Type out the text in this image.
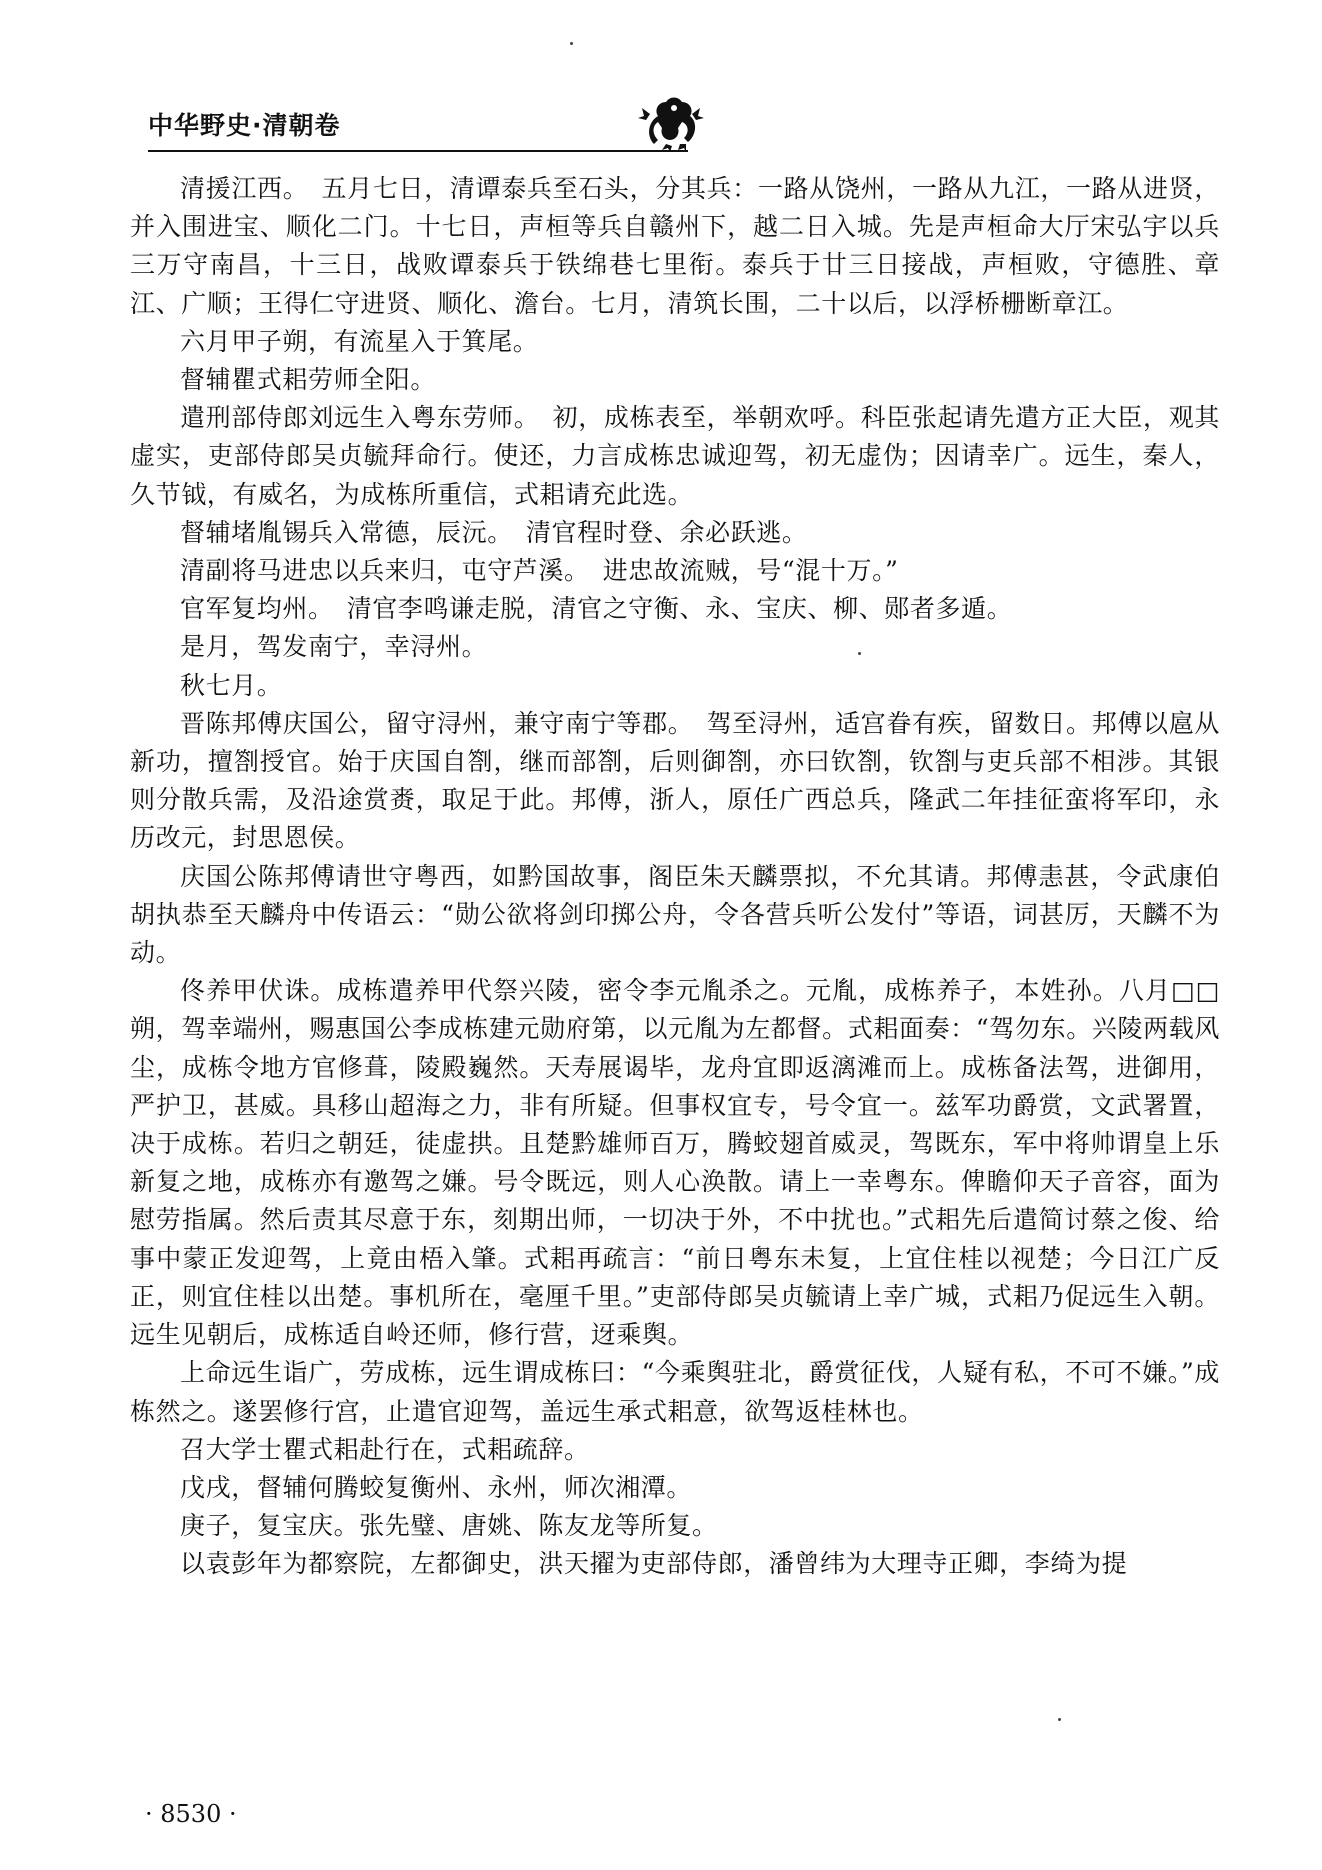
中华野史·清朝卷

清援江西。　五月七日，清谭泰兵至石头，分其兵：一路从饶州，一路从九江，一路从进贤，并入围进宝、顺化二门。十七日，声桓等兵自赣州下，越二日入城。先是声桓命大厅宋弘宇以兵三万守南昌，十三日，战败谭泰兵于铁绵巷七里衔。泰兵于廿三日接战，声桓败，守德胜、章江、广顺；王得仁守进贤、顺化、澹台。七月，清筑长围，二十以后，以浮桥栅断章江。

六月甲子朔，有流星入于箕尾。

督辅瞿式耜劳师全阳。

遣刑部侍郎刘远生入粤东劳师。　初，成栋表至，举朝欢呼。科臣张起请先遣方正大臣，观其虚实，吏部侍郎吴贞毓拜命行。使还，力言成栋忠诚迎驾，初无虚伪；因请幸广。远生，秦人，久节钺，有威名，为成栋所重信，式耜请充此选。

督辅堵胤锡兵入常德，辰沅。　清官程时登、余必跃逃。

清副将马进忠以兵来归，屯守芦溪。　进忠故流贼，号“混十万。”

官军复均州。　清官李鸣谦走脱，清官之守衡、永、宝庆、柳、郧者多遁。

是月，驾发南宁，幸浔州。

秋七月。

晋陈邦傅庆国公，留守浔州，兼守南宁等郡。　驾至浔州，适宫眷有疾，留数日。邦傅以扈从新功，擅劄授官。始于庆国自劄，继而部劄，后则御劄，亦曰钦劄，钦劄与吏兵部不相涉。其银则分散兵需，及沿途赏赉，取足于此。邦傅，浙人，原任广西总兵，隆武二年挂征蛮将军印，永历改元，封思恩侯。

庆国公陈邦傅请世守粤西，如黔国故事，阁臣朱天麟票拟，不允其请。邦傅恚甚，令武康伯胡执恭至天麟舟中传语云：“勋公欲将剑印掷公舟，令各营兵听公发付”等语，词甚厉，天麟不为动。

佟养甲伏诛。成栋遣养甲代祭兴陵，密令李元胤杀之。元胤，成栋养子，本姓孙。八月□□朔，驾幸端州，赐惠国公李成栋建元勋府第，以元胤为左都督。式耜面奏：“驾勿东。兴陵两载风尘，成栋令地方官修葺，陵殿巍然。天寿展谒毕，龙舟宜即返漓滩而上。成栋备法驾，进御用，严护卫，甚威。具移山超海之力，非有所疑。但事权宜专，号令宜一。兹军功爵赏，文武署置，决于成栋。若归之朝廷，徒虚拱。且楚黔雄师百万，腾蛟翅首威灵，驾既东，军中将帅谓皇上乐新复之地，成栋亦有邀驾之嫌。号令既远，则人心涣散。请上一幸粤东。俾瞻仰天子音容，面为慰劳指属。然后责其尽意于东，刻期出师，一切决于外，不中扰也。”式耜先后遣简讨蔡之俊、给事中蒙正发迎驾，上竟由梧入肇。式耜再疏言：“前日粤东未复，上宜住桂以视楚；今日江广反正，则宜住桂以出楚。事机所在，毫厘千里。”吏部侍郎吴贞毓请上幸广城，式耜乃促远生入朝。远生见朝后，成栋适自岭还师，修行营，迓乘舆。

上命远生诣广，劳成栋，远生谓成栋曰：“今乘舆驻北，爵赏征伐，人疑有私，不可不嫌。”成栋然之。遂罢修行宫，止遣官迎驾，盖远生承式耜意，欲驾返桂林也。

召大学士瞿式耜赴行在，式耜疏辞。

戊戌，督辅何腾蛟复衡州、永州，师次湘潭。

庚子，复宝庆。张先璧、唐姚、陈友龙等所复。

以袁彭年为都察院，左都御史，洪天擢为吏部侍郎，潘曾纬为大理寺正卿，李绮为提

· 8530 ·
